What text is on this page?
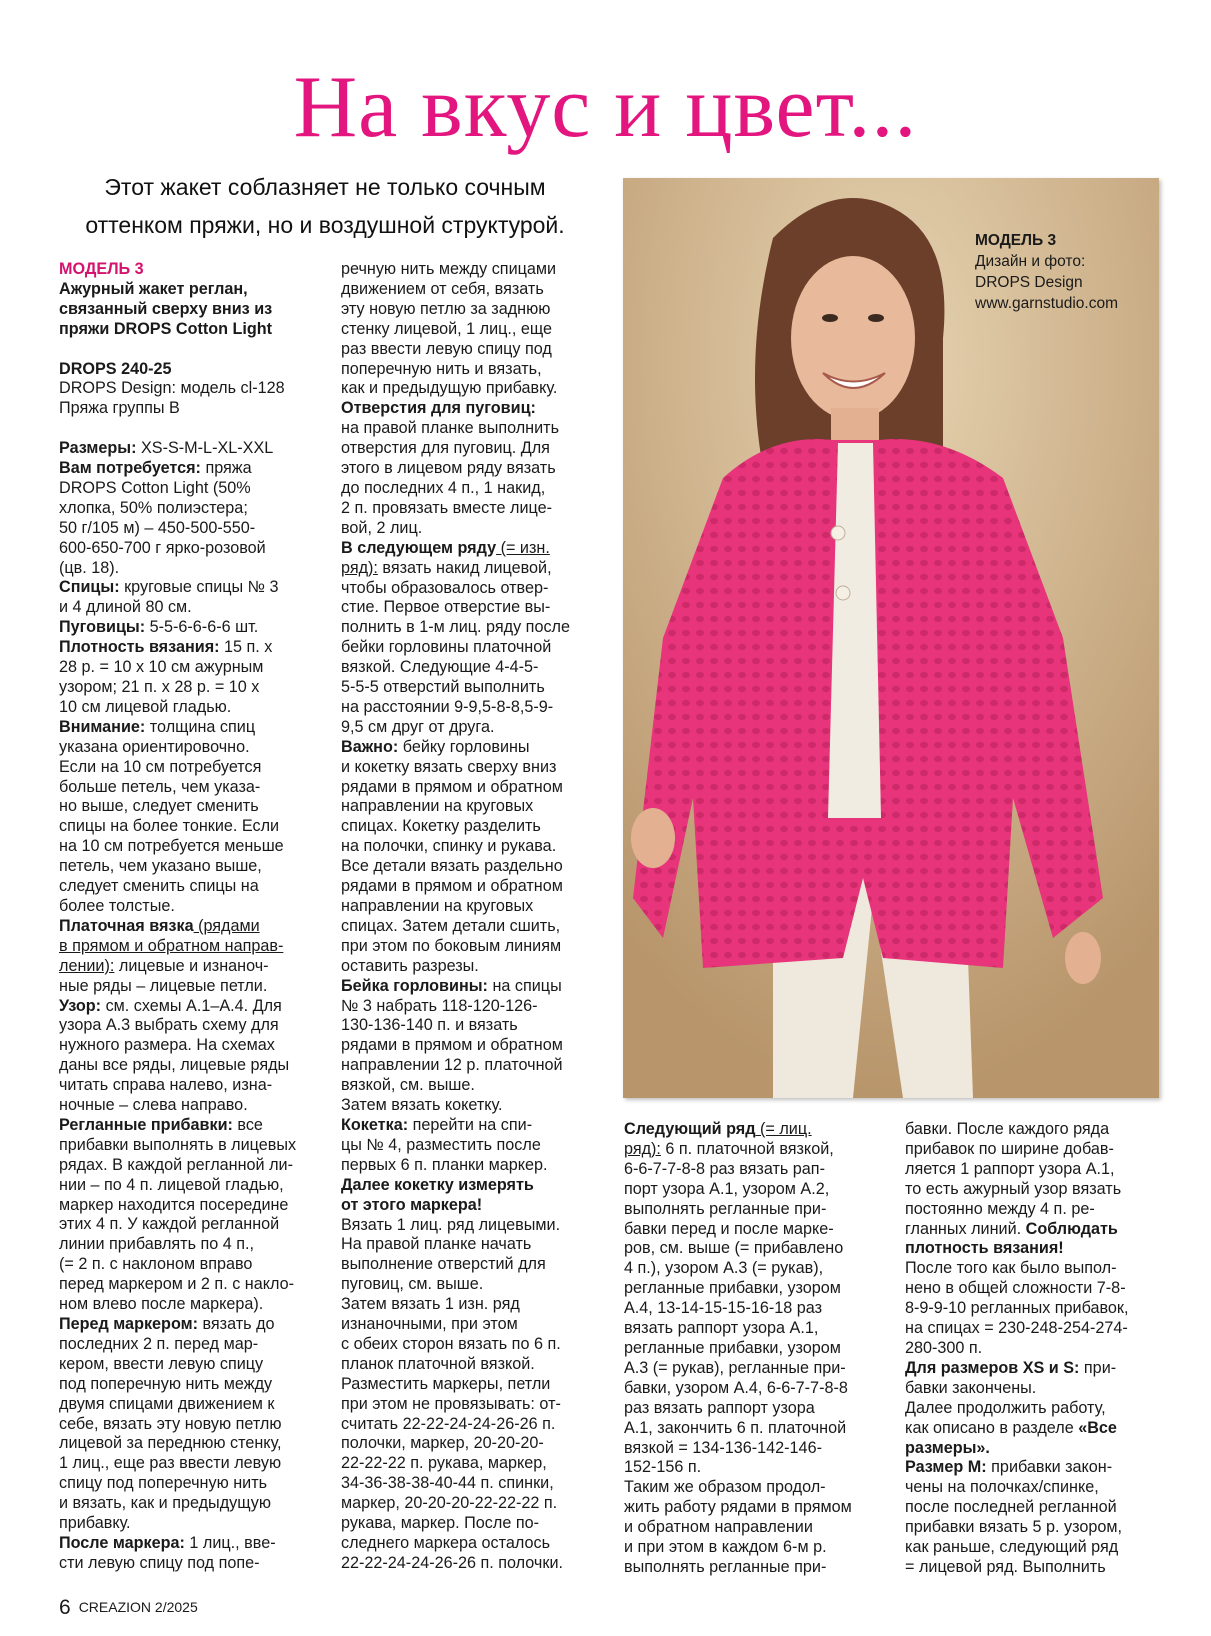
На вкус и цвет...
Этот жакет соблазняет не только сочным
оттенком пряжи, но и воздушной структурой.

МОДЕЛЬ 3

Ажурный жакет реглан,

связанный сверху вниз из

пряжи DROPS Cotton Light

DROPS 240-25

DROPS Design: модель cl-128

Пряжа группы B

Размеры: XS-S-M-L-XL-XXL

Вам потребуется: пряжа

DROPS Cotton Light (50%

хлопка, 50% полиэстера;

50 г/105 м) – 450-500-550-

600-650-700 г ярко-розовой

(цв. 18).

Спицы: круговые спицы № 3

и 4 длиной 80 см.

Пуговицы: 5-5-6-6-6-6 шт.

Плотность вязания: 15 п. х

28 р. = 10 х 10 см ажурным

узором; 21 п. х 28 р. = 10 х

10 см лицевой гладью.

Внимание: толщина спиц

указана ориентировочно.

Если на 10 см потребуется

больше петель, чем указа-

но выше, следует сменить

спицы на более тонкие. Если

на 10 см потребуется меньше

петель, чем указано выше,

следует сменить спицы на

более толстые.

Платочная вязка (рядами

в прямом и обратном направ-

лении): лицевые и изнаноч-

ные ряды – лицевые петли.

Узор: см. схемы А.1–А.4. Для

узора А.3 выбрать схему для

нужного размера. На схемах

даны все ряды, лицевые ряды

читать справа налево, изна-

ночные – слева направо.

Регланные прибавки: все

прибавки выполнять в лицевых

рядах. В каждой регланной ли-

нии – по 4 п. лицевой гладью,

маркер находится посередине

этих 4 п. У каждой регланной

линии прибавлять по 4 п.,

(= 2 п. с наклоном вправо

перед маркером и 2 п. с накло-

ном влево после маркера).

Перед маркером: вязать до

последних 2 п. перед мар-

кером, ввести левую спицу

под поперечную нить между

двумя спицами движением к

себе, вязать эту новую петлю

лицевой за переднюю стенку,

1 лиц., еще раз ввести левую

спицу под поперечную нить

и вязать, как и предыдущую

прибавку.

После маркера: 1 лиц., вве-

сти левую спицу под попе-

речную нить между спицами

движением от себя, вязать

эту новую петлю за заднюю

стенку лицевой, 1 лиц., еще

раз ввести левую спицу под

поперечную нить и вязать,

как и предыдущую прибавку.

Отверстия для пуговиц:

на правой планке выполнить

отверстия для пуговиц. Для

этого в лицевом ряду вязать

до последних 4 п., 1 накид,

2 п. провязать вместе лице-

вой, 2 лиц.

В следующем ряду (= изн.

ряд): вязать накид лицевой,

чтобы образовалось отвер-

стие. Первое отверстие вы-

полнить в 1-м лиц. ряду после

бейки горловины платочной

вязкой. Следующие 4-4-5-

5-5-5 отверстий выполнить

на расстоянии 9-9,5-8-8,5-9-

9,5 см друг от друга.

Важно: бейку горловины

и кокетку вязать сверху вниз

рядами в прямом и обратном

направлении на круговых

спицах. Кокетку разделить

на полочки, спинку и рукава.

Все детали вязать раздельно

рядами в прямом и обратном

направлении на круговых

спицах. Затем детали сшить,

при этом по боковым линиям

оставить разрезы.

Бейка горловины: на спицы

№ 3 набрать 118-120-126-

130-136-140 п. и вязать

рядами в прямом и обратном

направлении 12 р. платочной

вязкой, см. выше.

Затем вязать кокетку.

Кокетка: перейти на спи-

цы № 4, разместить после

первых 6 п. планки маркер.

Далее кокетку измерять

от этого маркера!

Вязать 1 лиц. ряд лицевыми.

На правой планке начать

выполнение отверстий для

пуговиц, см. выше.

Затем вязать 1 изн. ряд

изнаночными, при этом

с обеих сторон вязать по 6 п.

планок платочной вязкой.

Разместить маркеры, петли

при этом не провязывать: от-

считать 22-22-24-24-26-26 п.

полочки, маркер, 20-20-20-

22-22-22 п. рукава, маркер,

34-36-38-38-40-44 п. спинки,

маркер, 20-20-20-22-22-22 п.

рукава, маркер. После по-

следнего маркера осталось

22-22-24-24-26-26 п. полочки.

МОДЕЛЬ 3
Дизайн и фото:
DROPS Design
www.garnstudio.com

Следующий ряд (= лиц.

ряд): 6 п. платочной вязкой,

6-6-7-7-8-8 раз вязать рап-

порт узора А.1, узором А.2,

выполнять регланные при-

бавки перед и после марке-

ров, см. выше (= прибавлено

4 п.), узором А.3 (= рукав),

регланные прибавки, узором

А.4, 13-14-15-15-16-18 раз

вязать раппорт узора А.1,

регланные прибавки, узором

А.3 (= рукав), регланные при-

бавки, узором А.4, 6-6-7-7-8-8

раз вязать раппорт узора

А.1, закончить 6 п. платочной

вязкой = 134-136-142-146-

152-156 п.

Таким же образом продол-

жить работу рядами в прямом

и обратном направлении

и при этом в каждом 6-м р.

выполнять регланные при-

бавки. После каждого ряда

прибавок по ширине добав-

ляется 1 раппорт узора А.1,

то есть ажурный узор вязать

постоянно между 4 п. ре-

гланных линий. Соблюдать

плотность вязания!

После того как было выпол-

нено в общей сложности 7-8-

8-9-9-10 регланных прибавок,

на спицах = 230-248-254-274-

280-300 п.

Для размеров XS и S: при-

бавки закончены.

Далее продолжить работу,

как описано в разделе «Все

размеры».

Размер М: прибавки закон-

чены на полочках/спинке,

после последней регланной

прибавки вязать 5 р. узором,

как раньше, следующий ряд

= лицевой ряд. Выполнить

6 CREAZION 2/2025
